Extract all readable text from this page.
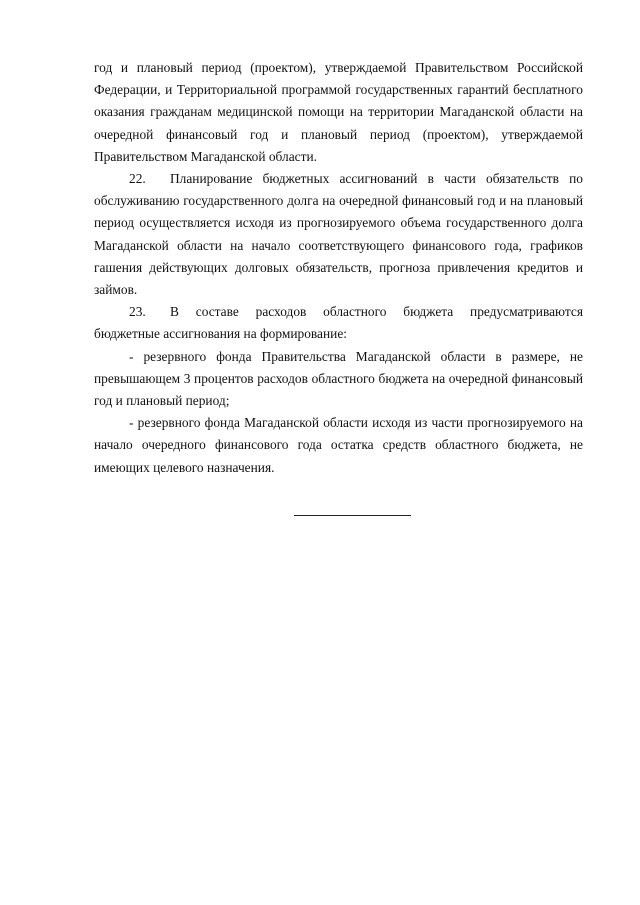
год и плановый период (проектом), утверждаемой Правительством Российской Федерации, и Территориальной программой государственных гарантий бесплатного оказания гражданам медицинской помощи на территории Магаданской области на очередной финансовый год и плановый период (проектом), утверждаемой Правительством Магаданской области.

22. Планирование бюджетных ассигнований в части обязательств по обслуживанию государственного долга на очередной финансовый год и на плановый период осуществляется исходя из прогнозируемого объема государственного долга Магаданской области на начало соответствующего финансового года, графиков гашения действующих долговых обязательств, прогноза привлечения кредитов и займов.

23. В составе расходов областного бюджета предусматриваются бюджетные ассигнования на формирование:

- резервного фонда Правительства Магаданской области в размере, не превышающем 3 процентов расходов областного бюджета на очередной финансовый год и плановый период;

- резервного фонда Магаданской области исходя из части прогнозируемого на начало очередного финансового года остатка средств областного бюджета, не имеющих целевого назначения.
